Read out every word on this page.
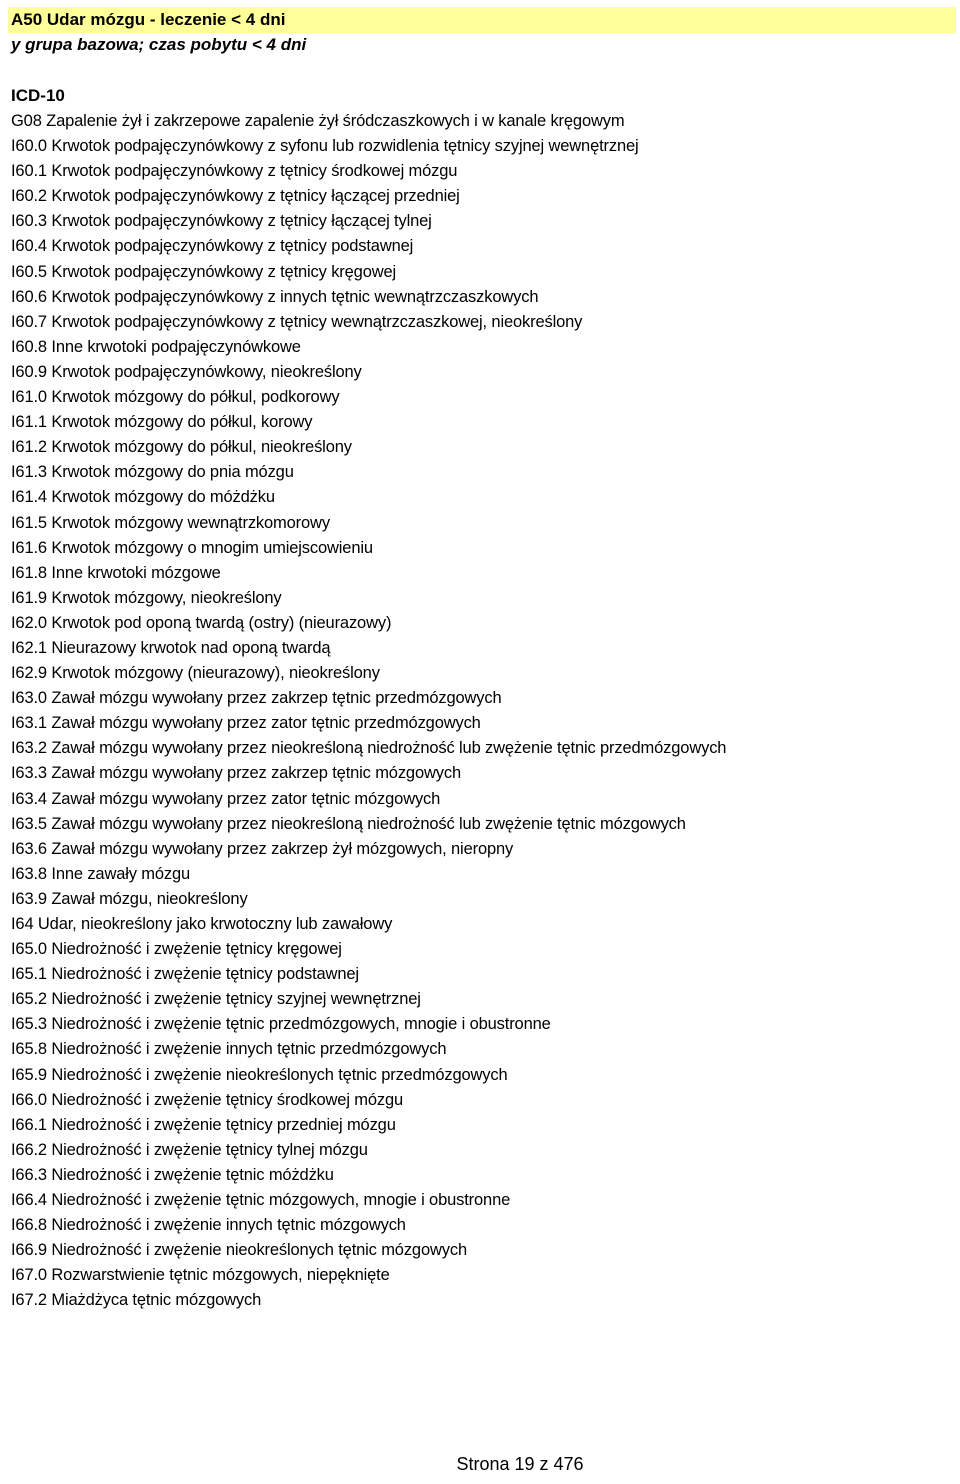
A50 Udar mózgu - leczenie < 4 dni
y grupa bazowa; czas pobytu < 4 dni
ICD-10
G08 Zapalenie żył i zakrzepowe zapalenie żył śródczaszkowych i w kanale kręgowym
I60.0 Krwotok podpajęczynówkowy z syfonu lub rozwidlenia tętnicy szyjnej wewnętrznej
I60.1 Krwotok podpajęczynówkowy z tętnicy środkowej mózgu
I60.2 Krwotok podpajęczynówkowy z tętnicy łączącej przedniej
I60.3 Krwotok podpajęczynówkowy z tętnicy łączącej tylnej
I60.4 Krwotok podpajęczynówkowy z tętnicy podstawnej
I60.5 Krwotok podpajęczynówkowy z tętnicy kręgowej
I60.6 Krwotok podpajęczynówkowy z innych tętnic wewnątrzczaszkowych
I60.7 Krwotok podpajęczynówkowy z tętnicy wewnątrzczaszkowej, nieokreślony
I60.8 Inne krwotoki podpajęczynówkowe
I60.9 Krwotok podpajęczynówkowy, nieokreślony
I61.0 Krwotok mózgowy do półkul, podkorowy
I61.1 Krwotok mózgowy do półkul, korowy
I61.2 Krwotok mózgowy do półkul, nieokreślony
I61.3 Krwotok mózgowy do pnia mózgu
I61.4 Krwotok mózgowy do móżdżku
I61.5 Krwotok mózgowy wewnątrzkomorowy
I61.6 Krwotok mózgowy o mnogim umiejscowieniu
I61.8 Inne krwotoki mózgowe
I61.9 Krwotok mózgowy, nieokreślony
I62.0 Krwotok pod oponą twardą (ostry) (nieurazowy)
I62.1 Nieurazowy krwotok nad oponą twardą
I62.9 Krwotok mózgowy (nieurazowy), nieokreślony
I63.0 Zawał mózgu wywołany przez zakrzep tętnic przedmózgowych
I63.1 Zawał mózgu wywołany przez zator tętnic przedmózgowych
I63.2 Zawał mózgu wywołany przez nieokreśloną niedrożność lub zwężenie tętnic przedmózgowych
I63.3 Zawał mózgu wywołany przez zakrzep tętnic mózgowych
I63.4 Zawał mózgu wywołany przez zator tętnic mózgowych
I63.5 Zawał mózgu wywołany przez nieokreśloną niedrożność lub zwężenie tętnic mózgowych
I63.6 Zawał mózgu wywołany przez zakrzep żył mózgowych, nieropny
I63.8 Inne zawały mózgu
I63.9 Zawał mózgu, nieokreślony
I64 Udar, nieokreślony jako krwotoczny lub zawałowy
I65.0 Niedrożność i zwężenie tętnicy kręgowej
I65.1 Niedrożność i zwężenie tętnicy podstawnej
I65.2 Niedrożność i zwężenie tętnicy szyjnej wewnętrznej
I65.3 Niedrożność i zwężenie tętnic przedmózgowych, mnogie i obustronne
I65.8 Niedrożność i zwężenie innych tętnic przedmózgowych
I65.9 Niedrożność i zwężenie nieokreślonych tętnic przedmózgowych
I66.0 Niedrożność i zwężenie tętnicy środkowej mózgu
I66.1 Niedrożność i zwężenie tętnicy przedniej mózgu
I66.2 Niedrożność i zwężenie tętnicy tylnej mózgu
I66.3 Niedrożność i zwężenie tętnic móżdżku
I66.4 Niedrożność i zwężenie tętnic mózgowych, mnogie i obustronne
I66.8 Niedrożność i zwężenie innych tętnic mózgowych
I66.9 Niedrożność i zwężenie nieokreślonych tętnic mózgowych
I67.0 Rozwarstwienie tętnic mózgowych, niepęknięte
I67.2 Miażdżyca tętnic mózgowych
Strona 19 z 476
